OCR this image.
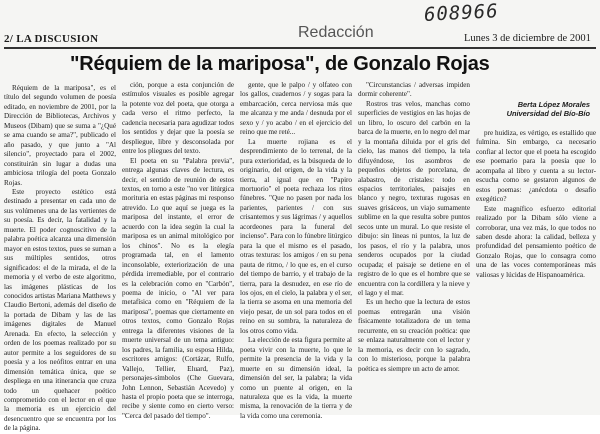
608966
2/ LA DISCUSION	Redacción	Lunes 3 de diciembre de 2001
"Réquiem de la mariposa", de Gonzalo Rojas
Berta López Morales
Universidad del Bío-Bío

Réquiem de la mariposa", es el título del segundo volumen de poesía editado, en noviembre de 2001, por la Dirección de Bibliotecas, Archivos y Museos (Dibam) que se suma a "¿Qué se ama cuando se ama?", publicado el año pasado, y que junto a "Al silencio", proyectado para el 2002, constituirán sin lugar a dudas una ambiciosa trilogía del poeta Gonzalo Rojas.

Este proyecto estético está destinado a presentar en cada uno de sus volúmenes una de las vertientes de su poesía. Es decir, la fatalidad y la muerte. El poder cognoscitivo de la palabra poética alcanza una dimensión mayor en estos textos, pues se suman a sus múltiples sentidos, otros significados: el de la mirada, el de la memoria y el verbo de este algoritmo, las imágenes plásticas de los conocidos artistas Mariana Matthews y Claudio Bertoni, además del diseño de la portada de Dibam y las de las imágenes digitales de Manuel Arenada. En efecto, la selección y orden de los poemas realizado por su autor permite a los seguidores de su poesía y a los neófitos entrar en una dimensión temática única, que se despliega en una itinerancia que cruza todo un quehacer poético comprometido con el lector en el que la memoria es un ejercicio del desencuentro que se encuentra por los de la página.

ción, porque a esta conjunción de estímulos visuales es posible agregar la potente voz del poeta, que otorga a cada verso el ritmo perfecto, la cadencia necesaria para agudizar todos los sentidos y dejar que la poesía se despliegue, libre y desconsolada por entre los pliegues del texto.

El poeta en su "Palabra previa", entrega algunas claves de lectura, es decir, el sentido de reunión de estos textos, en torno a este "no ver litúrgica morituria en estas páginas mi responso atrevido. Lo que aquí se juega es la mariposa del instante, el error de acuerdo con la idea según la cual la mariposa es un animal mitológico por los chinos". No es la elegía programada tal, en el lamento inconsolable, exteriorización de una pérdida irremediable, por el contrario es la celebración como en "Carbón", poema de inicio, o "Al ver para metafísica como en "Réquiem de la mariposa", poemas que ciertamente en otros textos, como Gonzalo Rojas entrega la diferentes visiones de la muerte universal de un tema antiguo: los padres, la familia, su esposa Hilda, escritores amigos: (Cortázar, Rulfo, Vallejo, Tellier, Eluard, Paz), personajes-símbolos (Che Guevara, John Lennon, Sebastián Acevedo) y hasta el propio poeta que se interroga, recibe y siente como en cierto verso: "Cerca del pasado del tiempo".

gente, que le palpo / y olfateo con los gallos, cuadernos / y sogas para la embarcación, cerca nerviosa más que me alcanza y me anda / desnuda por el sexo y / yo acabo / en el ejercicio del reino que me reté...

La muerte rojiana es el desprendimiento de lo terrenal, de la pura exterioridad, es la búsqueda de lo originario, del origen, de la vida y la tierra, al igual que en "Papiro mortuorio" el poeta rechaza los ritos fúnebres. "Que no pasen por nada los parientes, parientes / con sus crisantemos y sus lágrimas / y aquellos acordeones para la funeral del incienso". Para con lo fúnebre litúrgico para la que el mismo es el pasado, otras texturas: los amigos / en su pena pauta de ritmo, / lo que es, en el curso del tiempo de barrio, y el trabajo de la tierra, para la desnudez, en ese río de los ojos, en el cielo, la palabra y el ser, la tierra se asoma en una memoria del viejo pesar, de un sol para todos en el reino en su sombra, la naturaleza de los otros como vida.

La elección de esta figura permite al poeta vivir con la muerte, lo que le permite la presencia de la vida y la muerte en su dimensión ideal, la dimensión del ser, la palabra; la vida como un puente al origen, en la naturaleza que es la vida, la muerte misma, la renovación de la tierra y de la vida como una ceremonia.

"Circunstancias / adversas impiden dormir coherente".

Rostros tras velos, manchas como superficies de vestigios en las hojas de un libro, lo oscuro del carbón en la barca de la muerte, en lo negro del mar y la montaña diluida por el gris del cielo, las manos del tiempo, la tela difuyéndose, los asombros de pequeños objetos de porcelana, de alabastro, de cristales: todo en espacios territoriales, paisajes en blanco y negro, texturas rugosas en suaves grisáceos, un viajo sumamente sublime en la que resulta sobre puntos secos unte un mural. Lo que resiste el dibujo: sin líneas ni puntos, la luz de los pasos, el río y la palabra, unos senderos ocupados por la ciudad ocupada; el paisaje se detiene en el registro de lo que es el hombre que se encuentra con la cordillera y la nieve y el lago y el mar.

Es un hecho que la lectura de estos poemas entregarán una visión físicamente totalizadora de un tema recurrente, en su creación poética: que se enlaza naturalmente con el lector y la memoria, es decir con lo sagrado, con lo misterioso, porque la palabra poética es siempre un acto de amor.

pre huidiza, es vértigo, es estallido que fulmina. Sin embargo, ca necesario confiar al lector que el poeta ha escogido ese poemario para la poesía que lo acompaña al libro y cuenta a su lector-escucha como se gestaron algunos de estos poemas: ¿anécdota o desafío exegético?

Este magnífico esfuerzo editorial realizado por la Dibam sólo viene a corroborar, una vez más, lo que todos no saben desde ahora: la calidad, belleza y profundidad del pensamiento poético de Gonzalo Rojas, que lo consagra como una de las voces contemporáneas más valiosas y lúcidas de Hispanoamérica.
